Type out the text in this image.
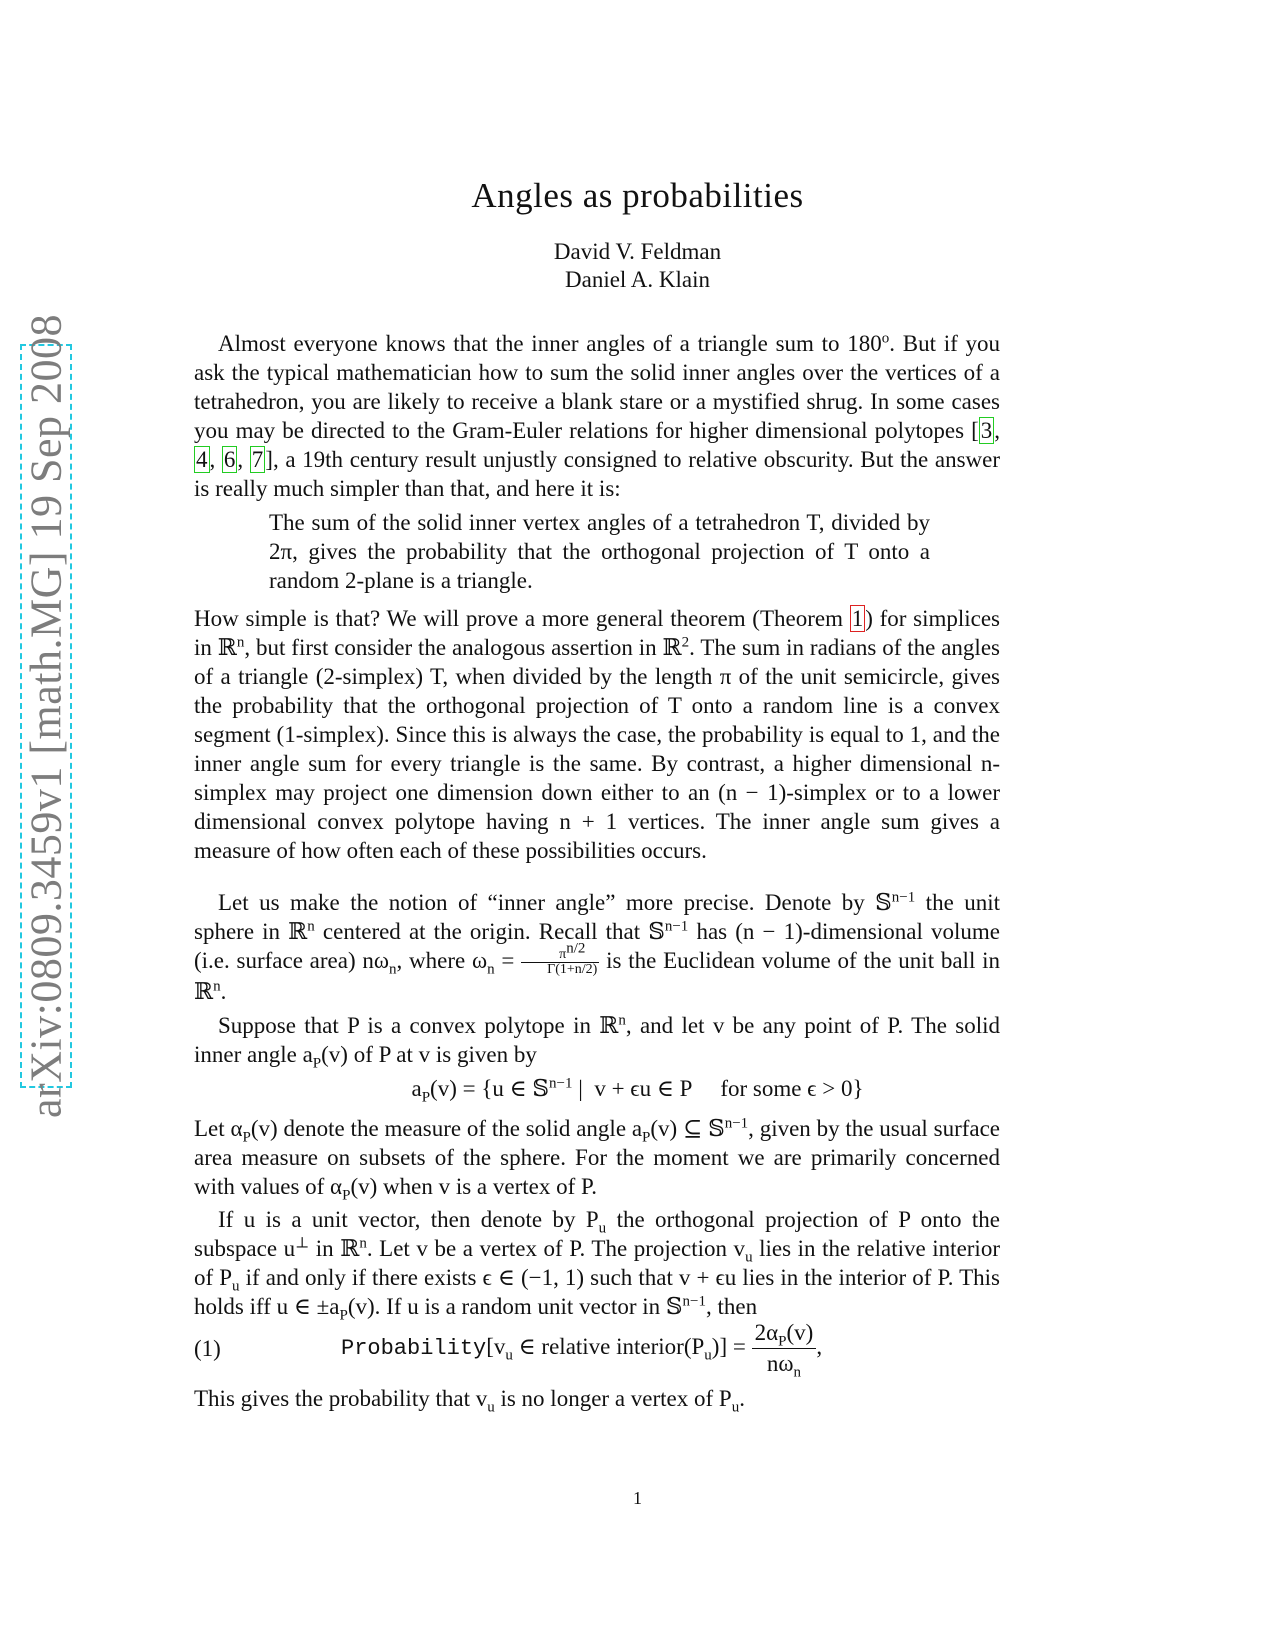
arXiv:0809.3459v1 [math.MG] 19 Sep 2008
Angles as probabilities
David V. Feldman
Daniel A. Klain
Almost everyone knows that the inner angles of a triangle sum to 180$^o$. But if you ask the typical mathematician how to sum the solid inner angles over the vertices of a tetrahedron, you are likely to receive a blank stare or a mystified shrug. In some cases you may be directed to the Gram-Euler relations for higher dimensional polytopes [3, 4, 6, 7], a 19th century result unjustly consigned to relative obscurity. But the answer is really much simpler than that, and here it is:
The sum of the solid inner vertex angles of a tetrahedron T, divided by 2π, gives the probability that the orthogonal projection of T onto a random 2-plane is a triangle.
How simple is that? We will prove a more general theorem (Theorem 1) for simplices in ℝ$^n$, but first consider the analogous assertion in ℝ$^2$. The sum in radians of the angles of a triangle (2-simplex) T, when divided by the length π of the unit semicircle, gives the probability that the orthogonal projection of T onto a random line is a convex segment (1-simplex). Since this is always the case, the probability is equal to 1, and the inner angle sum for every triangle is the same. By contrast, a higher dimensional n-simplex may project one dimension down either to an (n − 1)-simplex or to a lower dimensional convex polytope having n + 1 vertices. The inner angle sum gives a measure of how often each of these possibilities occurs.
Let us make the notion of “inner angle” more precise. Denote by 𝕊$^{n-1}$ the unit sphere in ℝ$^n$ centered at the origin. Recall that 𝕊$^{n-1}$ has (n − 1)-dimensional volume (i.e. surface area) $n\omega_n$, where $\omega_n = \frac{\pi^{n/2}}{\Gamma(1+n/2)}$ is the Euclidean volume of the unit ball in ℝ$^n$.
Suppose that P is a convex polytope in ℝ$^n$, and let v be any point of P. The solid inner angle $a_P(v)$ of P at v is given by
$a_P(v) = \{u$ ∈ 𝕊$^{n-1}$ |  v + ϵu ∈ P     for some ϵ > 0}
Let $\alpha_P(v)$ denote the measure of the solid angle $a_P(v)$ ⊆ 𝕊$^{n-1}$, given by the usual surface area measure on subsets of the sphere. For the moment we are primarily concerned with values of $\alpha_P(v)$ when v is a vertex of P.
If u is a unit vector, then denote by $P_u$ the orthogonal projection of P onto the subspace u⊥ in ℝ$^n$. Let v be a vertex of P. The projection $v_u$ lies in the relative interior of $P_u$ if and only if there exists ϵ ∈ (−1, 1) such that v + ϵu lies in the interior of P. This holds iff u ∈ $\pm a_P(v)$. If u is a random unit vector in 𝕊$^{n-1}$, then
(1)	$Probability[v_u$ ∈ relative $interior(P_u)] = \frac{2\alpha_P(v)}{n\omega_n}$ ,
This gives the probability that $v_u$ is no longer a vertex of $P_u$.
1
